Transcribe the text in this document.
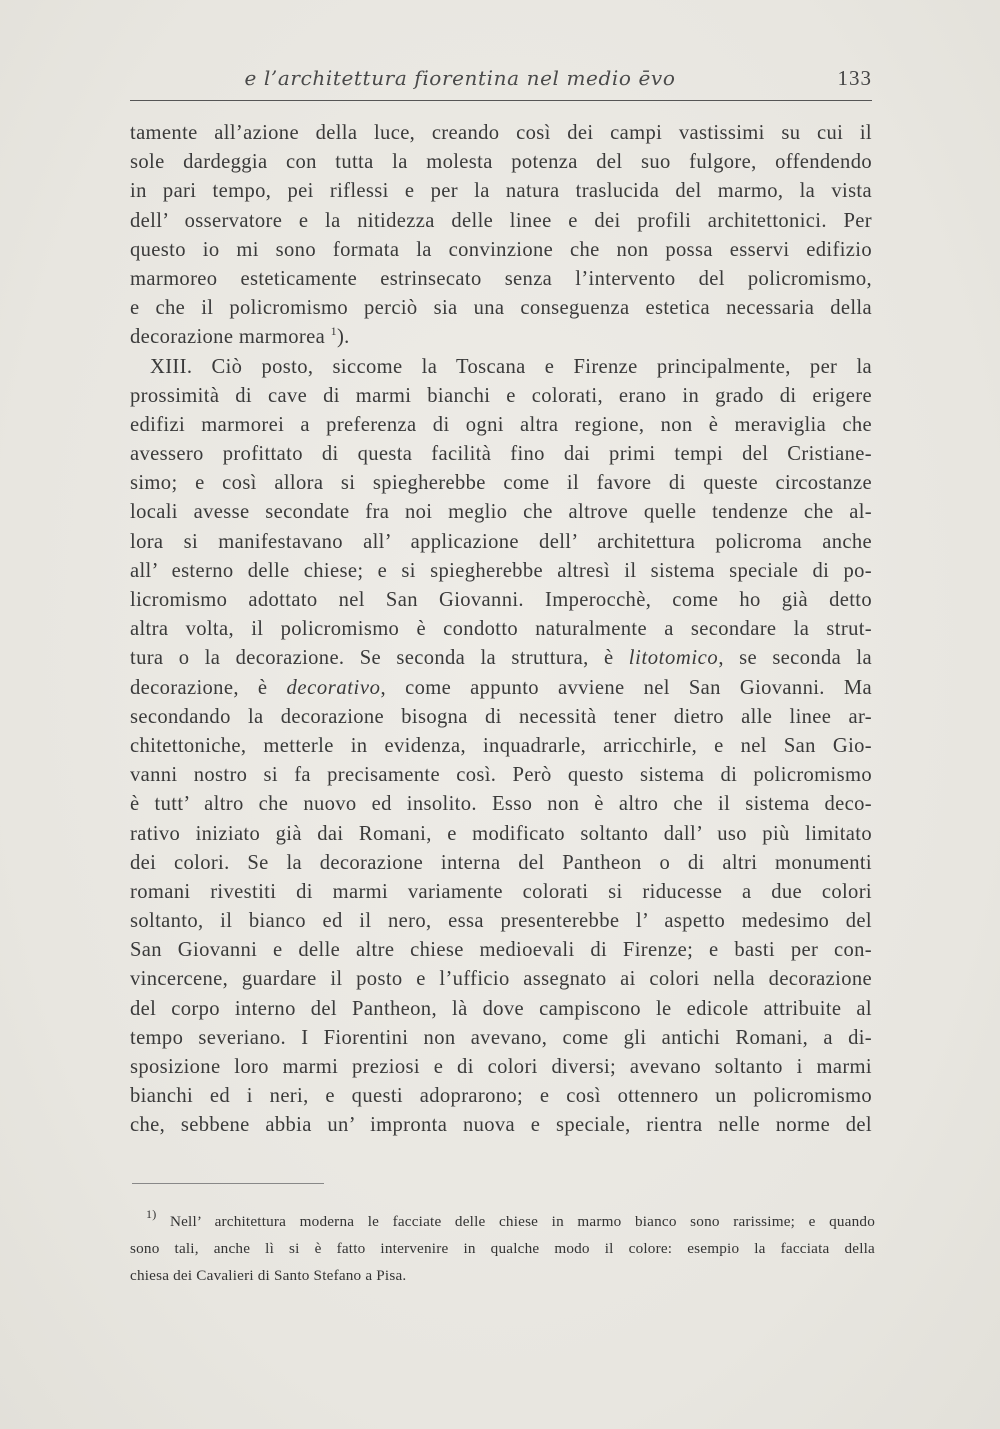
e l’architettura fiorentina nel medio ēvo	133
tamente all’azione della luce, creando così dei campi vastissimi su cui il
sole dardeggia con tutta la molesta potenza del suo fulgore, offendendo
in pari tempo, pei riflessi e per la natura traslucida del marmo, la vista
dell’ osservatore e la nitidezza delle linee e dei profili architettonici. Per
questo io mi sono formata la convinzione che non possa esservi edifizio
marmoreo esteticamente estrinsecato senza l’intervento del policromismo,
e che il policromismo perciò sia una conseguenza estetica necessaria della
decorazione marmorea $^1$).
XIII. Ciò posto, siccome la Toscana e Firenze principalmente, per la
prossimità di cave di marmi bianchi e colorati, erano in grado di erigere
edifizi marmorei a preferenza di ogni altra regione, non è meraviglia che
avessero profittato di questa facilità fino dai primi tempi del Cristiane-
simo; e così allora si spiegherebbe come il favore di queste circostanze
locali avesse secondate fra noi meglio che altrove quelle tendenze che al-
lora si manifestavano all’ applicazione dell’ architettura policroma anche
all’ esterno delle chiese; e si spiegherebbe altresì il sistema speciale di po-
licromismo adottato nel San Giovanni. Imperocchè, come ho già detto
altra volta, il policromismo è condotto naturalmente a secondare la strut-
tura o la decorazione. Se seconda la struttura, è litotomico, se seconda la
decorazione, è decorativo, come appunto avviene nel San Giovanni. Ma
secondando la decorazione bisogna di necessità tener dietro alle linee ar-
chitettoniche, metterle in evidenza, inquadrarle, arricchirle, e nel San Gio-
vanni nostro si fa precisamente così. Però questo sistema di policromismo
è tutt’ altro che nuovo ed insolito. Esso non è altro che il sistema deco-
rativo iniziato già dai Romani, e modificato soltanto dall’ uso più limitato
dei colori. Se la decorazione interna del Pantheon o di altri monumenti
romani rivestiti di marmi variamente colorati si riducesse a due colori
soltanto, il bianco ed il nero, essa presenterebbe l’ aspetto medesimo del
San Giovanni e delle altre chiese medioevali di Firenze; e basti per con-
vincercene, guardare il posto e l’ufficio assegnato ai colori nella decorazione
del corpo interno del Pantheon, là dove campiscono le edicole attribuite al
tempo severiano. I Fiorentini non avevano, come gli antichi Romani, a di-
sposizione loro marmi preziosi e di colori diversi; avevano soltanto i marmi
bianchi ed i neri, e questi adoprarono; e così ottennero un policromismo
che, sebbene abbia un’ impronta nuova e speciale, rientra nelle norme del
$^{1)}$ Nell’ architettura moderna le facciate delle chiese in marmo bianco sono rarissime; e quando
sono tali, anche lì si è fatto intervenire in qualche modo il colore: esempio la facciata della
chiesa dei Cavalieri di Santo Stefano a Pisa.
